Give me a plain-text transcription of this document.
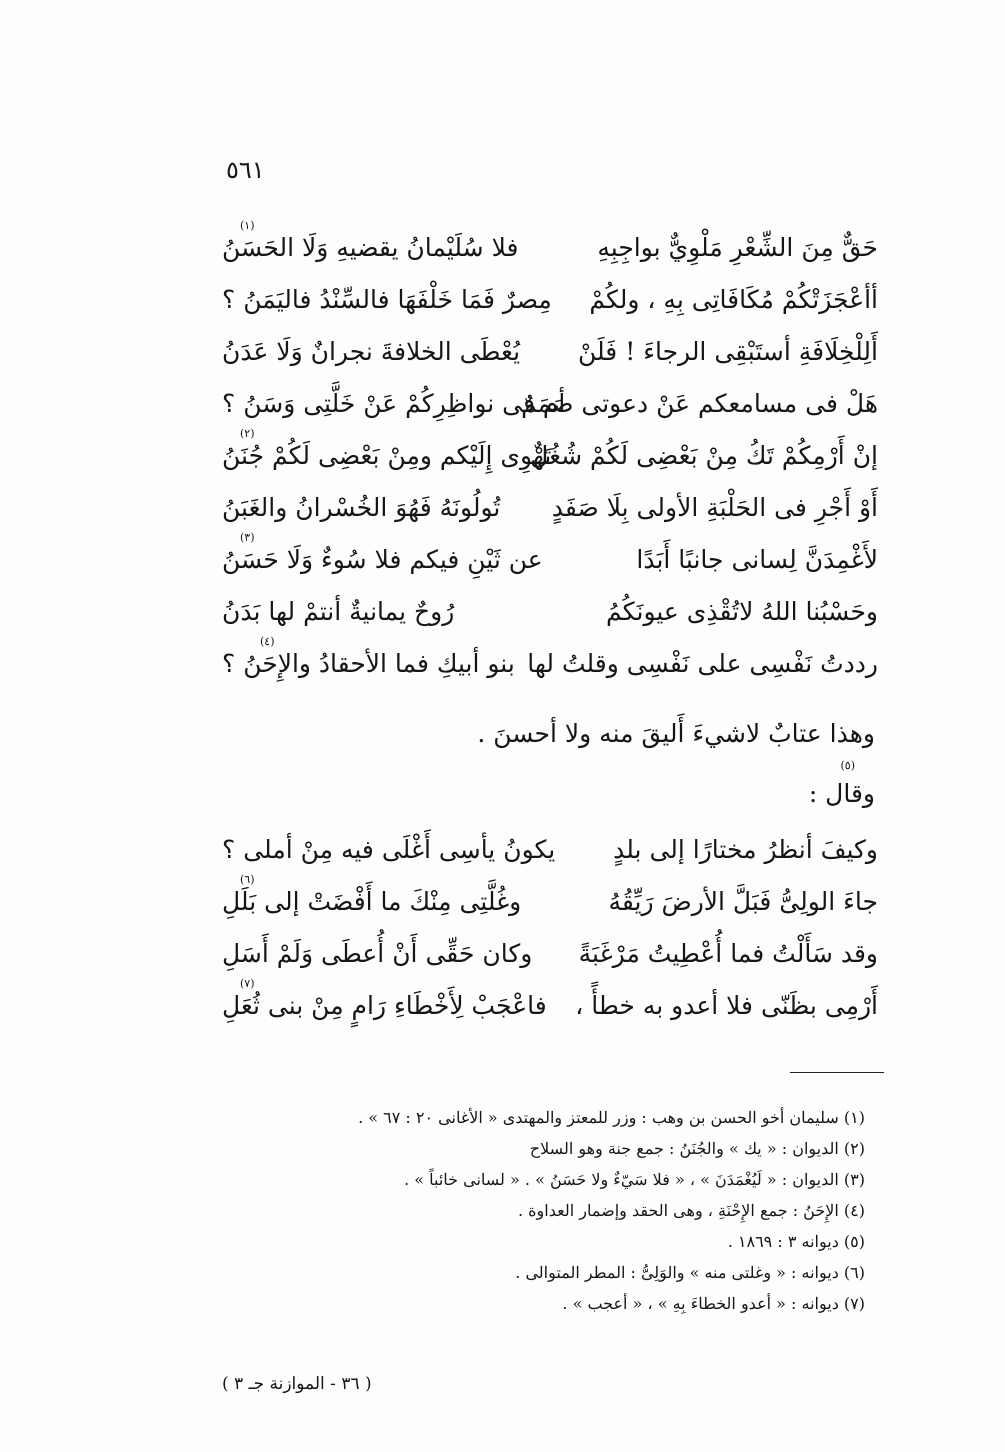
٥٦١
حَقٌّ مِنَ الشِّعْرِ مَلْوِيٌّ بواجِبِهِ
(١)
فلا سُلَيْمانُ يقضيهِ وَلَا الحَسَنُ
أأعْجَزَتْكُمْ مُكَافَاتِى بِهِ ، ولكُمْ
مِصرٌ فَمَا خَلْفَهَا فالسِّنْدُ فاليَمَنُ ؟
أَلِلْخِلَافَةِ أستَبْقِى الرجاءَ ! فَلَنْ
يُعْطَى الخلافةَ نجرانٌ وَلَا عَدَنُ
هَلْ فى مسامعكم عَنْ دعوتى صَمَمٌ
أم فى نواظِرِكُمْ عَنْ خَلَّتِى وَسَنُ ؟
إنْ أَرْمِكُمْ تَكُ مِنْ بَعْضِى لَكُمْ شُغُلٌ
(٢)
تَهْوِى إِلَيْكم ومِنْ بَعْضِى لَكُمْ جُنَنُ
أَوْ أَجْرِ فى الحَلْبَةِ الأولى بِلَا صَفَدٍ
تُولُونَهُ فَهُوَ الخُسْرانُ والغَبَنُ
لأَغْمِدَنَّ لِسانى جانبًا أَبَدًا
(٣)
عن ثَيْنِ فيكم فلا سُوءٌ وَلَا حَسَنُ
وحَسْبُنا اللهُ لاتُقْذِى عيونَكُمُ
رُوحٌ يمانيةٌ أنتمْ لها بَدَنُ
رددتُ نَفْسِى على نَفْسِى وقلتُ لها
(٤)
بنو أبيكِ فما الأحقادُ والإِحَنُ ؟
وهذا عتابٌ لاشيءَ أَليقَ منه ولا أحسنَ .
(٥)
وقال :
وكيفَ أنظرُ مختارًا إلى بلدٍ
يكونُ يأسِى أَغْلَى فيه مِنْ أملى ؟
جاءَ الولِىُّ فَبَلَّ الأرضَ رَيِّقُهُ
(٦)
وغُلَّتِى مِنْكَ ما أَفْضَتْ إلى بَلَلِ
وقد سَأَلْتُ فما أُعْطِيتُ مَرْغَبَةً
وكان حَقِّى أَنْ أُعطَى وَلَمْ أَسَلِ
أَرْمِى بظَنّى فلا أعدو به خطأً ،
(٧)
فاعْجَبْ لِأَخْطَاءِ رَامٍ مِنْ بنى ثُعَلِ
(١) سليمان أخو الحسن بن وهب : وزر للمعتز والمهتدى « الأغانى ٢٠ : ٦٧ » .
(٢) الديوان : « يك » والجُنَنُ : جمع جنة وهو السلاح
(٣) الديوان : « لَيُغْمَدَنَ » ، « فلا سَيّءٌ ولا حَسَنُ » . « لسانى خائباً » .
(٤) الإِحَنُ : جمع الإِحْنَةِ ، وهى الحقد وإضمار العداوة .
(٥) ديوانه ٣ : ١٨٦٩ .
(٦) ديوانه : « وغلتى منه » والوَلِىُّ : المطر المتوالى .
(٧) ديوانه : « أعدو الخطاءَ بِهِ » ، « أعجب » .
( ٣٦ - الموازنة جـ ٣ )
